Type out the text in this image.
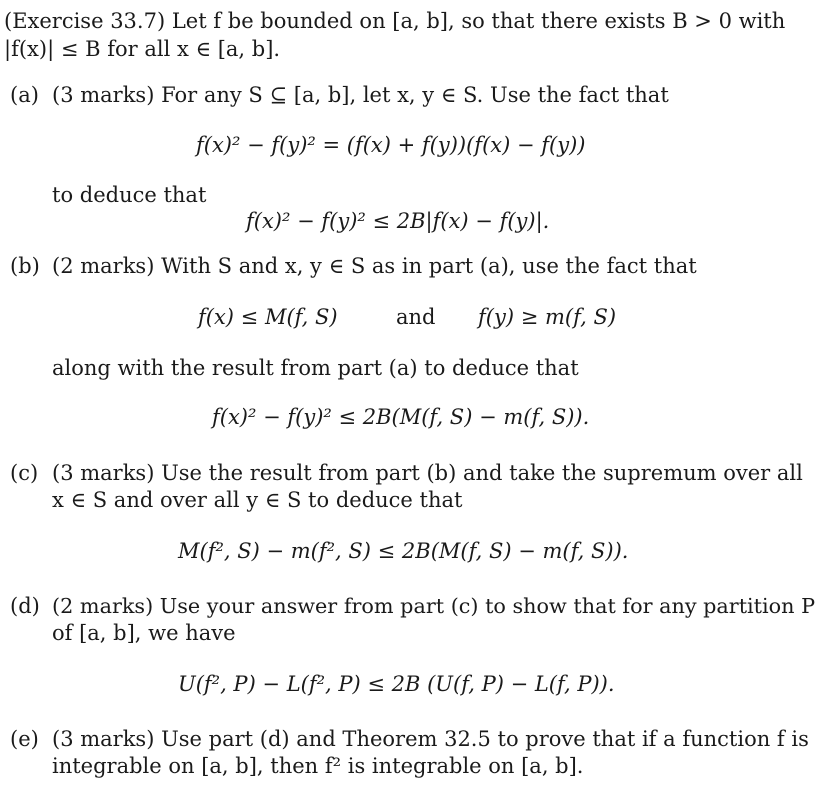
(Exercise 33.7) Let f be bounded on [a, b], so that there exists B > 0 with
|f(x)| ≤ B for all x ∈ [a, b].
(a) (3 marks) For any S ⊆ [a, b], let x, y ∈ S. Use the fact that
f(x)² − f(y)² = (f(x) + f(y))(f(x) − f(y))
to deduce that
f(x)² − f(y)² ≤ 2B|f(x) − f(y)|.
(b) (2 marks) With S and x, y ∈ S as in part (a), use the fact that
f(x) ≤ M(f, S)	and f(y) ≥ m(f, S)
along with the result from part (a) to deduce that
f(x)² − f(y)² ≤ 2B(M(f, S) − m(f, S)).
(c) (3 marks) Use the result from part (b) and take the supremum over all
x ∈ S and over all y ∈ S to deduce that
M(f², S) − m(f², S) ≤ 2B(M(f, S) − m(f, S)).
(d) (2 marks) Use your answer from part (c) to show that for any partition P
of [a, b], we have
U(f², P) − L(f², P) ≤ 2B (U(f, P) − L(f, P)).
(e) (3 marks) Use part (d) and Theorem 32.5 to prove that if a function f is
integrable on [a, b], then f² is integrable on [a, b].
